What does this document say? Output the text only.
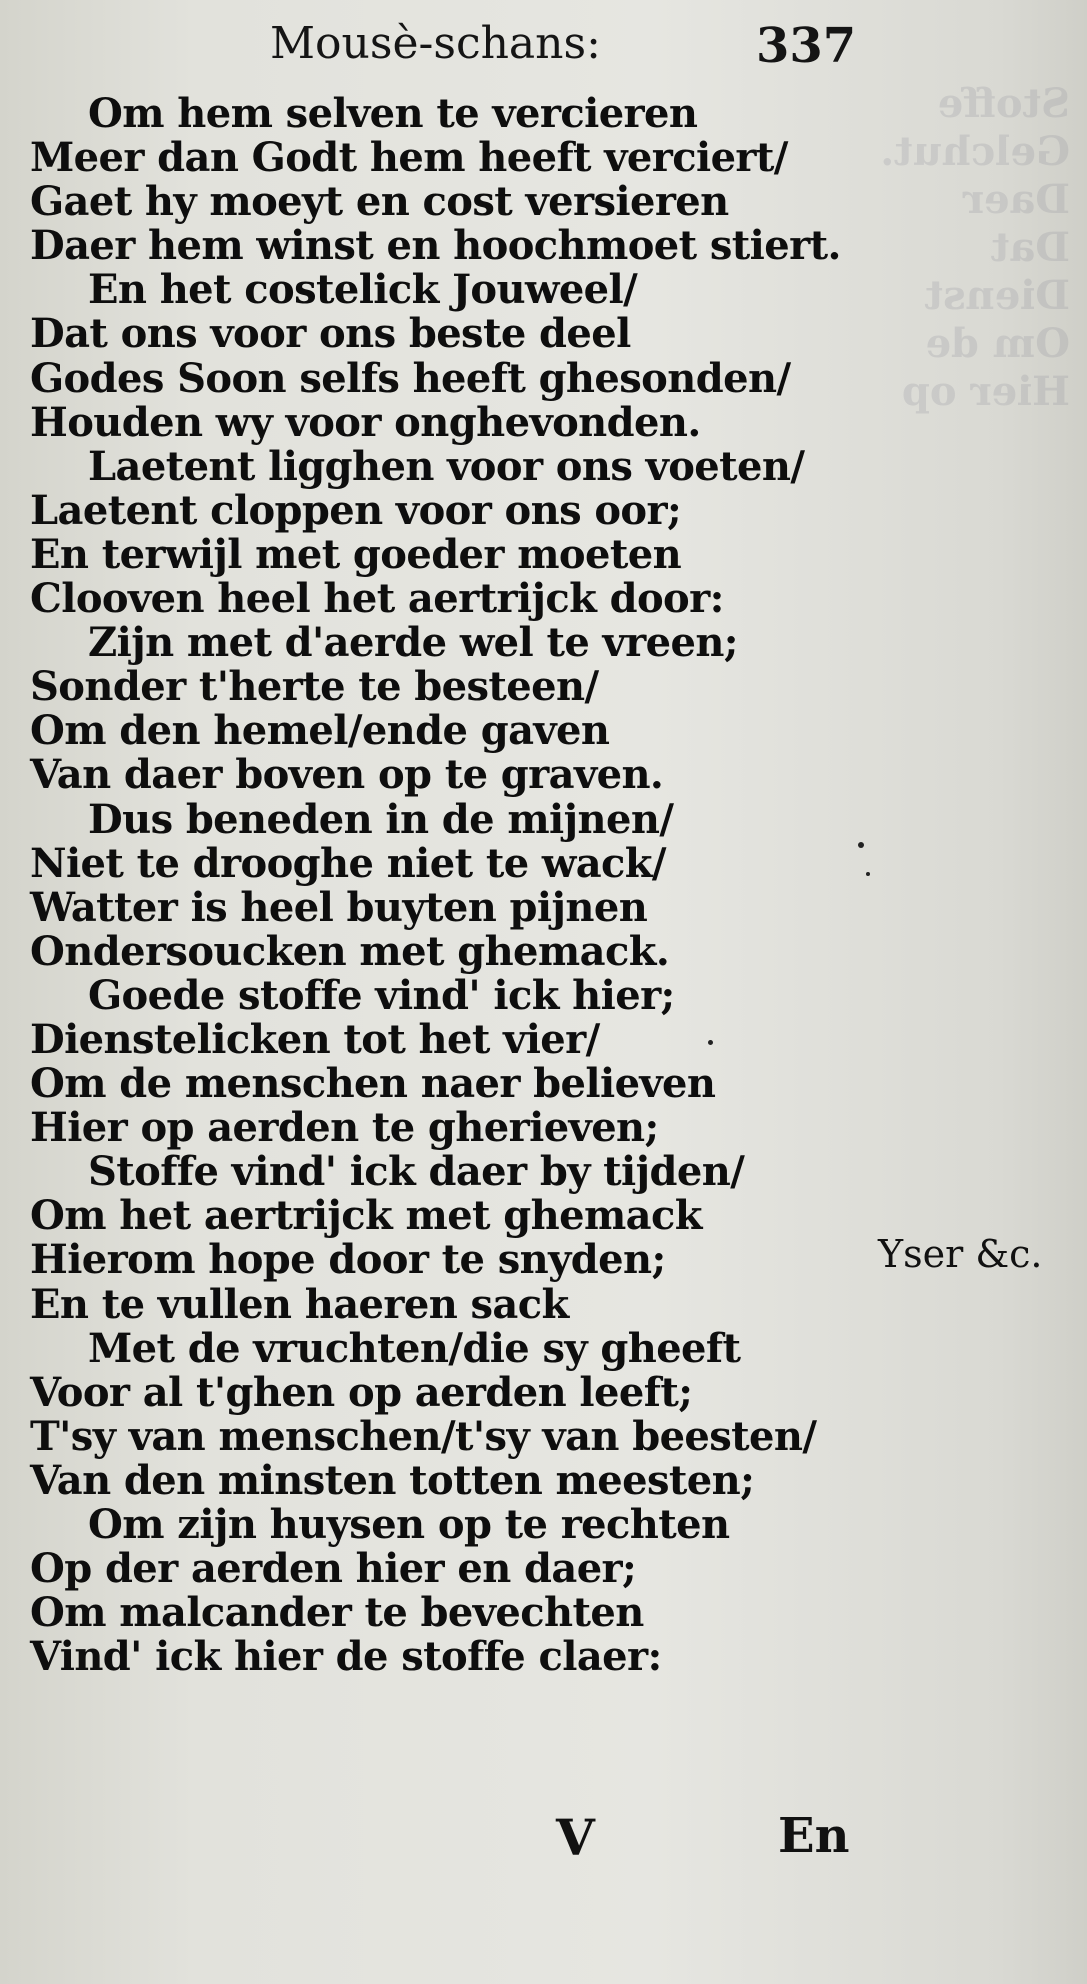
Stoffe
Gelchut.
Daer
Dat
Dienst
Om de
Hier op
Mousè-schans:	337
Om hem selven te vercieren
Meer dan Godt hem heeft verciert/
Gaet hy moeyt en cost versieren
Daer hem winst en hoochmoet stiert.
En het costelick Jouweel/
Dat ons voor ons beste deel
Godes Soon selfs heeft ghesonden/
Houden wy voor onghevonden.
Laetent ligghen voor ons voeten/
Laetent cloppen voor ons oor;
En terwijl met goeder moeten
Clooven heel het aertrijck door:
Zijn met d'aerde wel te vreen;
Sonder t'herte te besteen/
Om den hemel/ende gaven
Van daer boven op te graven.
Dus beneden in de mijnen/
Niet te drooghe niet te wack/
Watter is heel buyten pijnen
Ondersoucken met ghemack.
Goede stoffe vind' ick hier;
Dienstelicken tot het vier/
Om de menschen naer believen
Hier op aerden te gherieven;
Stoffe vind' ick daer by tijden/
Om het aertrijck met ghemack
Hierom hope door te snyden;
En te vullen haeren sack
Met de vruchten/die sy gheeft
Voor al t'ghen op aerden leeft;
T'sy van menschen/t'sy van beesten/
Van den minsten totten meesten;
Om zijn huysen op te rechten
Op der aerden hier en daer;
Om malcander te bevechten
Vind' ick hier de stoffe claer:
Yser &c.
V	En
